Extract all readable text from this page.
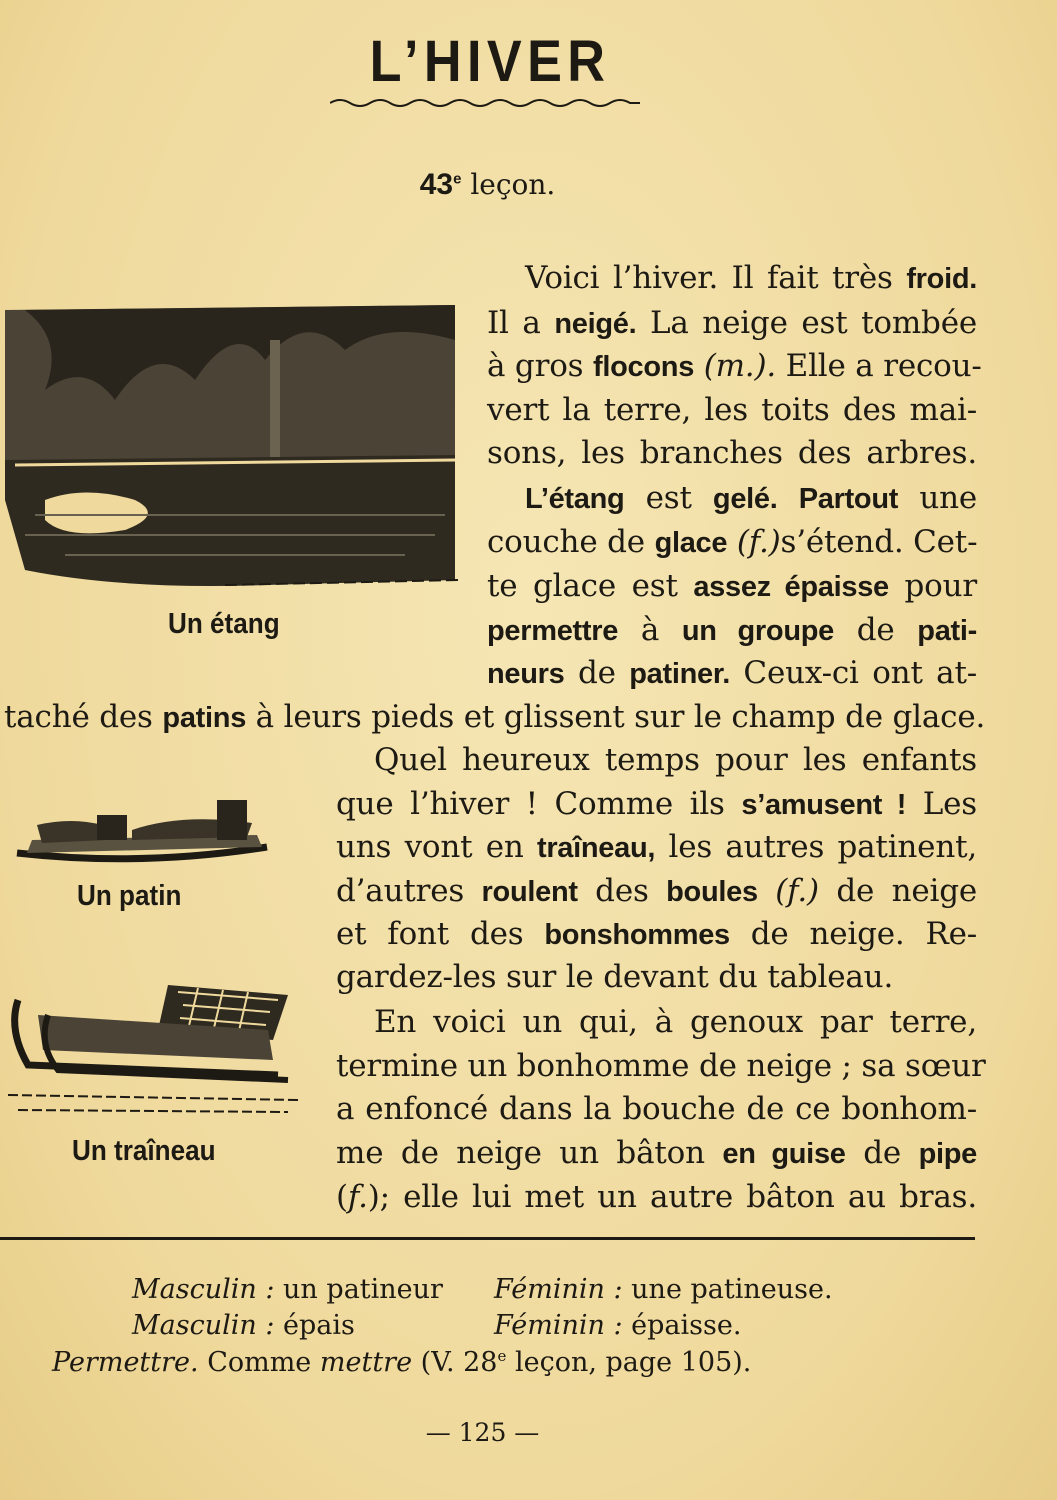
L’HIVER
43e leçon.
Un étang
Un patin
Un traîneau
Voici l’hiver. Il fait très froid.
Il a neigé. La neige est tombée
à gros flocons (m.). Elle a recou-
vert la terre, les toits des mai-
sons, les branches des arbres.
L’étang est gelé. Partout une
couche de glace (f.)s’étend. Cet-
te glace est assez épaisse pour
permettre à un groupe de pati-
neurs de patiner. Ceux-ci ont at-
taché des patins à leurs pieds et glissent sur le champ de glace.
Quel heureux temps pour les enfants
que l’hiver ! Comme ils s’amusent ! Les
uns vont en traîneau, les autres patinent,
d’autres roulent des boules (f.) de neige
et font des bonshommes de neige. Re-
gardez-les sur le devant du tableau.
En voici un qui, à genoux par terre,
termine un bonhomme de neige ; sa sœur
a enfoncé dans la bouche de ce bonhom-
me de neige un bâton en guise de pipe
(f.); elle lui met un autre bâton au bras.
Masculin : un patineur Féminin : une patineuse.
Masculin : épais	Féminin : épaisse.
Permettre. Comme mettre (V. 28e leçon, page 105).
— 125 —
